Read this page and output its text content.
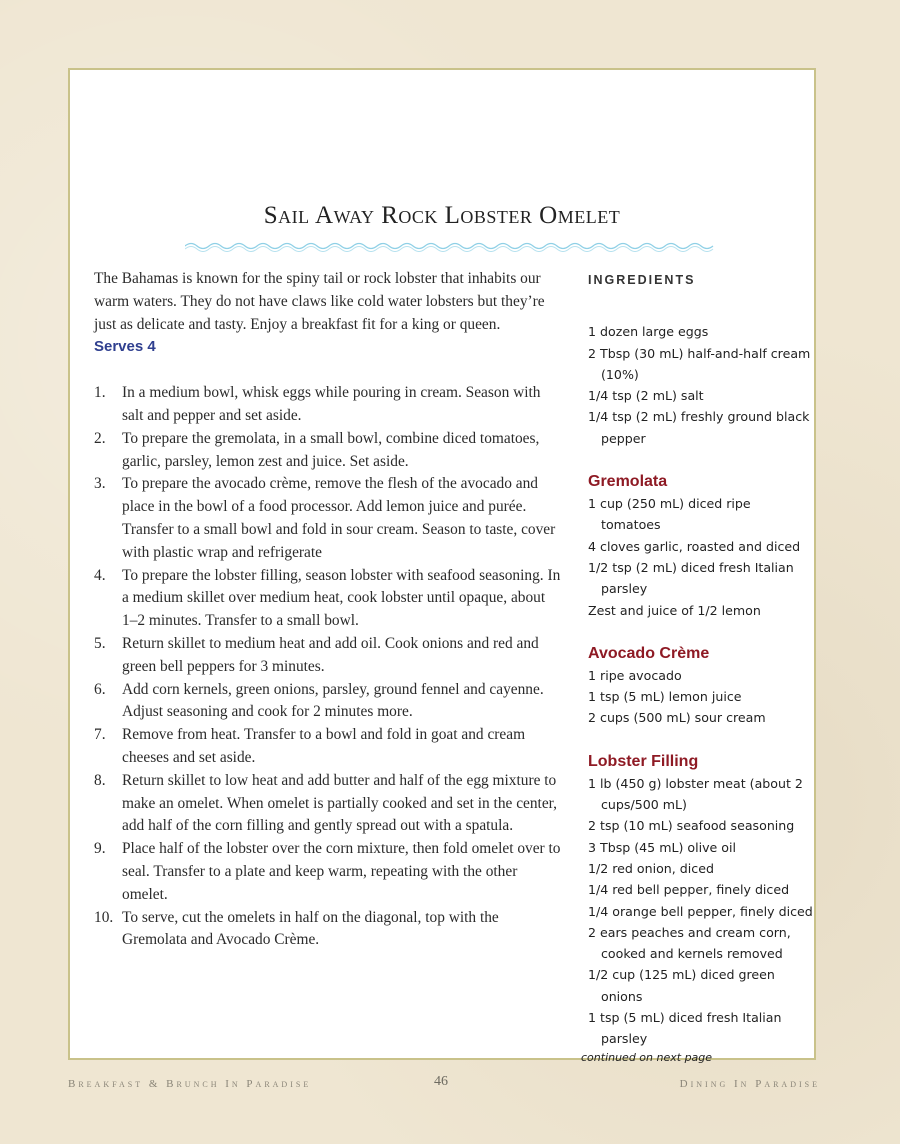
Sail Away Rock Lobster Omelet

The Bahamas is known for the spiny tail or rock lobster that inhabits our warm waters. They do not have claws like cold water lobsters but they’re just as delicate and tasty. Enjoy a breakfast fit for a king or queen.

Serves 4

1. In a medium bowl, whisk eggs while pouring in cream. Season with salt and pepper and set aside.
2. To prepare the gremolata, in a small bowl, combine diced tomatoes, garlic, parsley, lemon zest and juice. Set aside.
3. To prepare the avocado crème, remove the flesh of the avocado and place in the bowl of a food processor. Add lemon juice and purée. Transfer to a small bowl and fold in sour cream. Season to taste, cover with plastic wrap and refrigerate
4. To prepare the lobster filling, season lobster with seafood seasoning. In a medium skillet over medium heat, cook lobster until opaque, about 1–2 minutes. Transfer to a small bowl.
5. Return skillet to medium heat and add oil. Cook onions and red and green bell peppers for 3 minutes.
6. Add corn kernels, green onions, parsley, ground fennel and cayenne. Adjust seasoning and cook for 2 minutes more.
7. Remove from heat. Transfer to a bowl and fold in goat and cream cheeses and set aside.
8. Return skillet to low heat and add butter and half of the egg mixture to make an omelet. When omelet is partially cooked and set in the center, add half of the corn filling and gently spread out with a spatula.
9. Place half of the lobster over the corn mixture, then fold omelet over to seal. Transfer to a plate and keep warm, repeating with the other omelet.
10. To serve, cut the omelets in half on the diagonal, top with the Gremolata and Avocado Crème.
INGREDIENTS
1 dozen large eggs
2 Tbsp (30 mL) half-and-half cream (10%)
1/4 tsp (2 mL) salt
1/4 tsp (2 mL) freshly ground black pepper
Gremolata
1 cup (250 mL) diced ripe tomatoes
4 cloves garlic, roasted and diced
1/2 tsp (2 mL) diced fresh Italian parsley
Zest and juice of 1/2 lemon
Avocado Crème
1 ripe avocado
1 tsp (5 mL) lemon juice
2 cups (500 mL) sour cream
Lobster Filling
1 lb (450 g) lobster meat (about 2 cups/500 mL)
2 tsp (10 mL) seafood seasoning
3 Tbsp (45 mL) olive oil
1/2 red onion, diced
1/4 red bell pepper, finely diced
1/4 orange bell pepper, finely diced
2 ears peaches and cream corn, cooked and kernels removed
1/2 cup (125 mL) diced green onions
1 tsp (5 mL) diced fresh Italian parsley
continued on next page
Breakfast & Brunch In Paradise	46	Dining In Paradise
